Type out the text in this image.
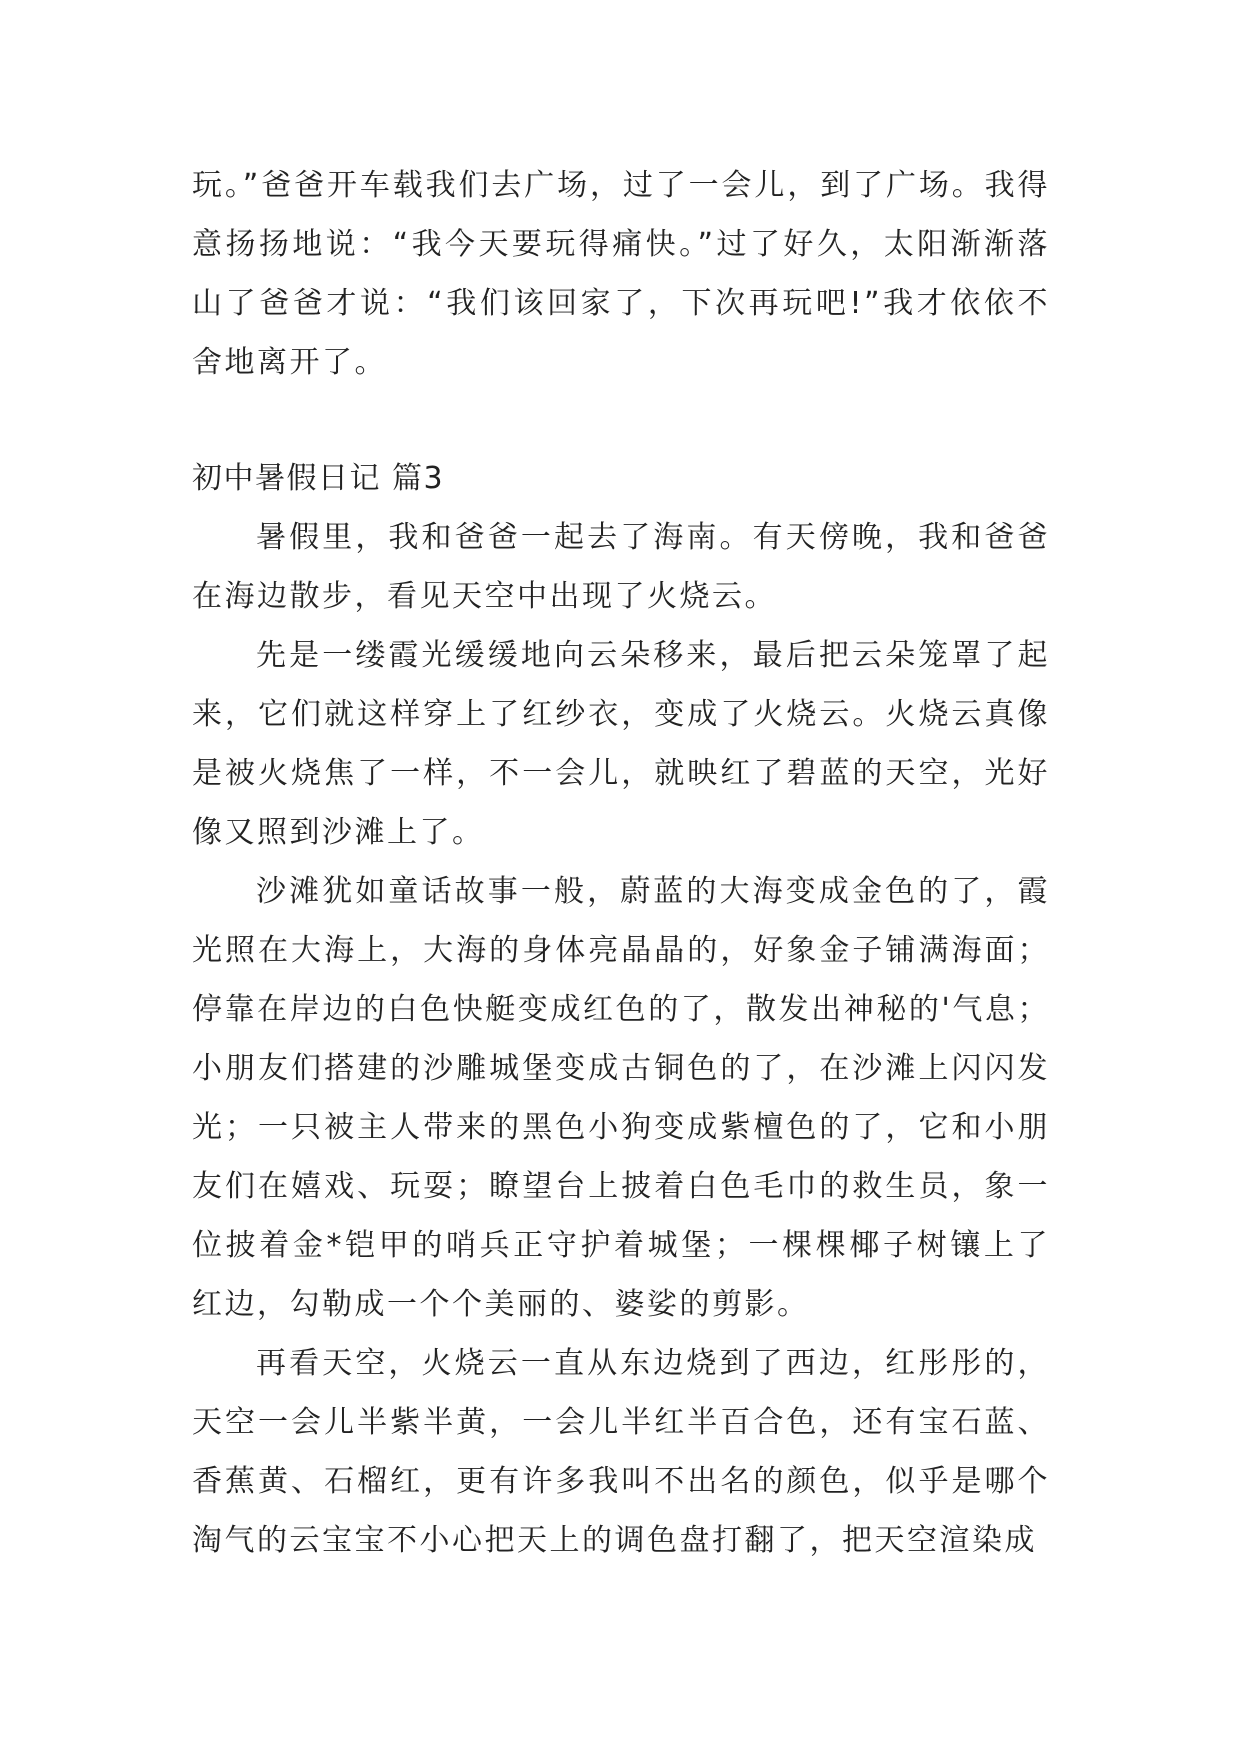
玩。”爸爸开车载我们去广场，过了一会儿，到了广场。我得意扬扬地说：“我今天要玩得痛快。”过了好久，太阳渐渐落山了爸爸才说：“我们该回家了，下次再玩吧!”我才依依不舍地离开了。

初中暑假日记 篇3

暑假里，我和爸爸一起去了海南。有天傍晚，我和爸爸在海边散步，看见天空中出现了火烧云。

先是一缕霞光缓缓地向云朵移来，最后把云朵笼罩了起来，它们就这样穿上了红纱衣，变成了火烧云。火烧云真像是被火烧焦了一样，不一会儿，就映红了碧蓝的天空，光好像又照到沙滩上了。

沙滩犹如童话故事一般，蔚蓝的大海变成金色的了，霞光照在大海上，大海的身体亮晶晶的，好象金子铺满海面；停靠在岸边的白色快艇变成红色的了，散发出神秘的'气息；小朋友们搭建的沙雕城堡变成古铜色的了，在沙滩上闪闪发光；一只被主人带来的黑色小狗变成紫檀色的了，它和小朋友们在嬉戏、玩耍；瞭望台上披着白色毛巾的救生员，象一位披着金*铠甲的哨兵正守护着城堡；一棵棵椰子树镶上了红边，勾勒成一个个美丽的、婆娑的剪影。

再看天空，火烧云一直从东边烧到了西边，红彤彤的，天空一会儿半紫半黄，一会儿半红半百合色，还有宝石蓝、香蕉黄、石榴红，更有许多我叫不出名的颜色，似乎是哪个淘气的云宝宝不小心把天上的调色盘打翻了，把天空渲染成
